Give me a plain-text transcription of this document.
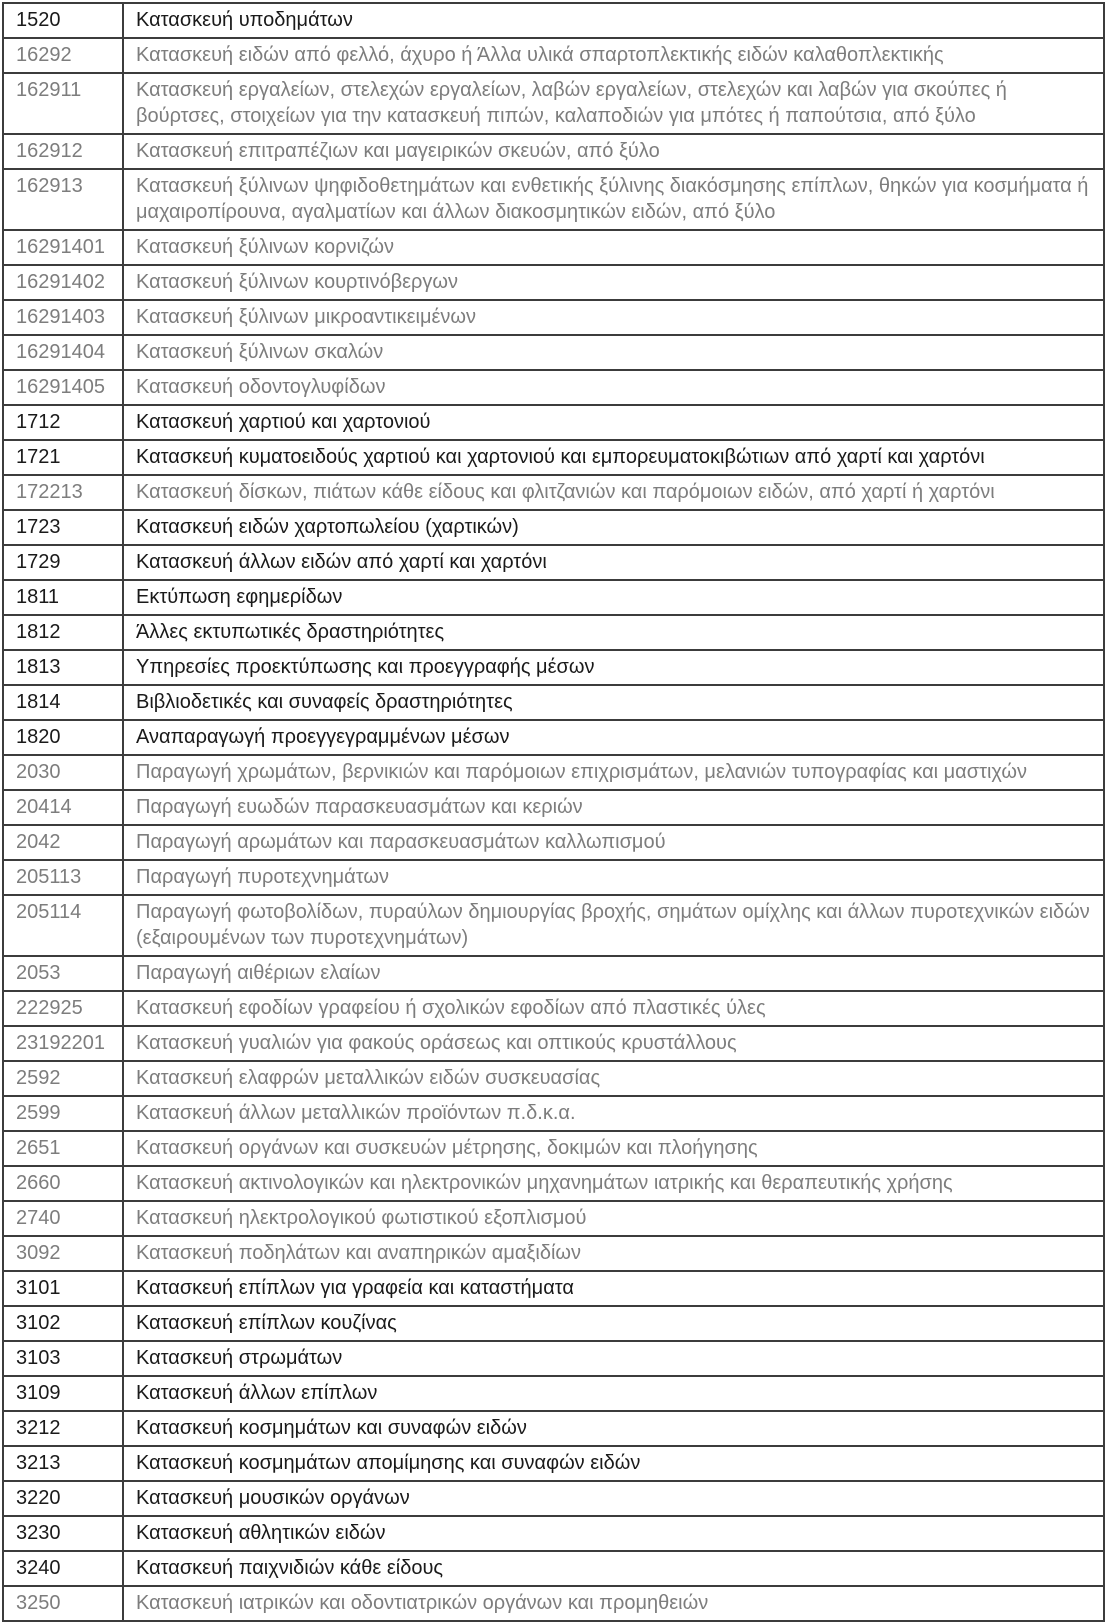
1520	Κατασκευή υποδημάτων
16292	Κατασκευή ειδών από φελλό, άχυρο ή Άλλα υλικά σπαρτοπλεκτικής ειδών καλαθοπλεκτικής
162911	Κατασκευή εργαλείων, στελεχών εργαλείων, λαβών εργαλείων, στελεχών και λαβών για σκούπες ή βούρτσες, στοιχείων για την κατασκευή πιπών, καλαποδιών για μπότες ή παπούτσια, από ξύλο
162912	Κατασκευή επιτραπέζιων και μαγειρικών σκευών, από ξύλο
162913	Κατασκευή ξύλινων ψηφιδοθετημάτων και ενθετικής ξύλινης διακόσμησης επίπλων, θηκών για κοσμήματα ή μαχαιροπίρουνα, αγαλματίων και άλλων διακοσμητικών ειδών, από ξύλο
16291401	Κατασκευή ξύλινων κορνιζών
16291402	Κατασκευή ξύλινων κουρτινόβεργων
16291403	Κατασκευή ξύλινων μικροαντικειμένων
16291404	Κατασκευή ξύλινων σκαλών
16291405	Κατασκευή οδοντογλυφίδων
1712	Κατασκευή χαρτιού και χαρτονιού
1721	Κατασκευή κυματοειδούς χαρτιού και χαρτονιού και εμπορευματοκιβώτιων από χαρτί και χαρτόνι
172213	Κατασκευή δίσκων, πιάτων κάθε είδους και φλιτζανιών και παρόμοιων ειδών, από χαρτί ή χαρτόνι
1723	Κατασκευή ειδών χαρτοπωλείου (χαρτικών)
1729	Κατασκευή άλλων ειδών από χαρτί και χαρτόνι
1811	Εκτύπωση εφημερίδων
1812	Άλλες εκτυπωτικές δραστηριότητες
1813	Υπηρεσίες προεκτύπωσης και προεγγραφής μέσων
1814	Βιβλιοδετικές και συναφείς δραστηριότητες
1820	Αναπαραγωγή προεγγεγραμμένων μέσων
2030	Παραγωγή χρωμάτων, βερνικιών και παρόμοιων επιχρισμάτων, μελανιών τυπογραφίας και μαστιχών
20414	Παραγωγή ευωδών παρασκευασμάτων και κεριών
2042	Παραγωγή αρωμάτων και παρασκευασμάτων καλλωπισμού
205113	Παραγωγή πυροτεχνημάτων
205114	Παραγωγή φωτοβολίδων, πυραύλων δημιουργίας βροχής, σημάτων ομίχλης και άλλων πυροτεχνικών ειδών (εξαιρουμένων των πυροτεχνημάτων)
2053	Παραγωγή αιθέριων ελαίων
222925	Κατασκευή εφοδίων γραφείου ή σχολικών εφοδίων από πλαστικές ύλες
23192201	Κατασκευή γυαλιών για φακούς οράσεως και οπτικούς κρυστάλλους
2592	Κατασκευή ελαφρών μεταλλικών ειδών συσκευασίας
2599	Κατασκευή άλλων μεταλλικών προϊόντων π.δ.κ.α.
2651	Κατασκευή οργάνων και συσκευών μέτρησης, δοκιμών και πλοήγησης
2660	Κατασκευή ακτινολογικών και ηλεκτρονικών μηχανημάτων ιατρικής και θεραπευτικής χρήσης
2740	Κατασκευή ηλεκτρολογικού φωτιστικού εξοπλισμού
3092	Κατασκευή ποδηλάτων και αναπηρικών αμαξιδίων
3101	Κατασκευή επίπλων για γραφεία και καταστήματα
3102	Κατασκευή επίπλων κουζίνας
3103	Κατασκευή στρωμάτων
3109	Κατασκευή άλλων επίπλων
3212	Κατασκευή κοσμημάτων και συναφών ειδών
3213	Κατασκευή κοσμημάτων απομίμησης και συναφών ειδών
3220	Κατασκευή μουσικών οργάνων
3230	Κατασκευή αθλητικών ειδών
3240	Κατασκευή παιχνιδιών κάθε είδους
3250	Κατασκευή ιατρικών και οδοντιατρικών οργάνων και προμηθειών
